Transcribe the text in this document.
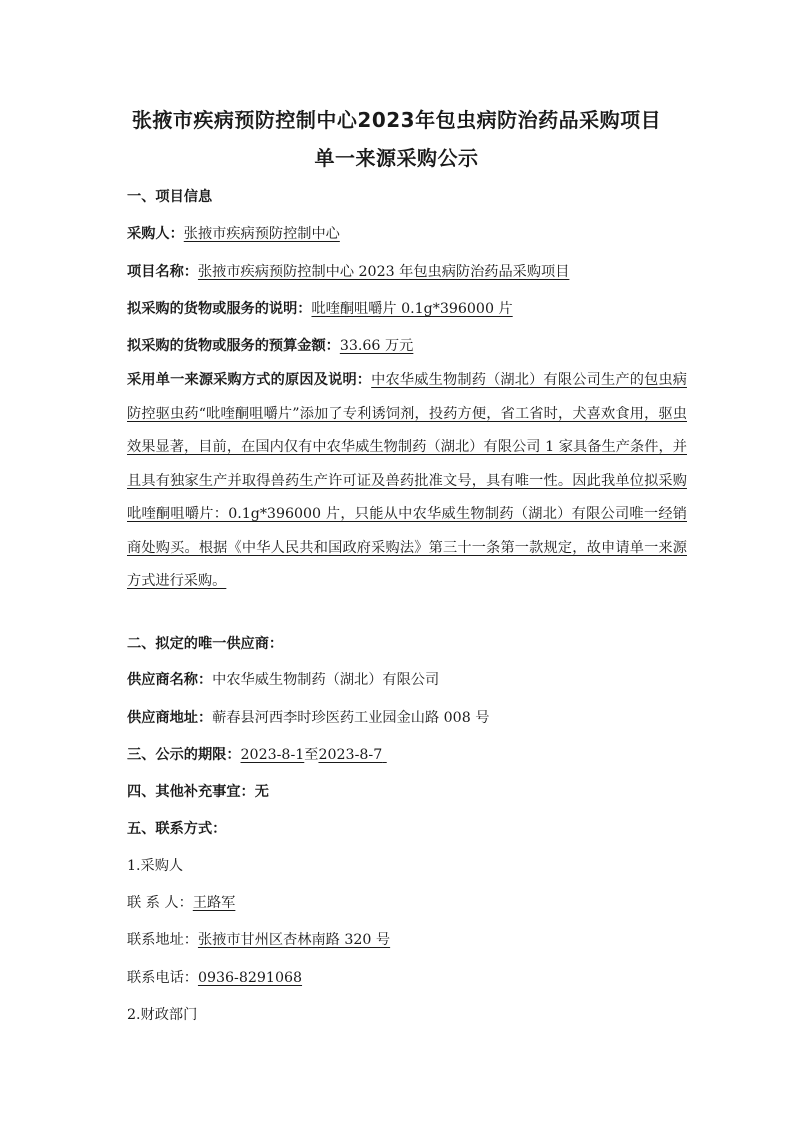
张掖市疾病预防控制中心2023年包虫病防治药品采购项目
单一来源采购公示
一、项目信息
采购人：张掖市疾病预防控制中心
项目名称：张掖市疾病预防控制中心 2023 年包虫病防治药品采购项目
拟采购的货物或服务的说明：吡喹酮咀嚼片 0.1g*396000 片
拟采购的货物或服务的预算金额：33.66 万元
采用单一来源采购方式的原因及说明：中农华威生物制药（湖北）有限公司生产的包虫病防控驱虫药“吡喹酮咀嚼片”添加了专利诱饲剂，投药方便，省工省时，犬喜欢食用，驱虫效果显著，目前，在国内仅有中农华威生物制药（湖北）有限公司 1 家具备生产条件，并且具有独家生产并取得兽药生产许可证及兽药批准文号，具有唯一性。因此我单位拟采购吡喹酮咀嚼片：0.1g*396000 片，只能从中农华威生物制药（湖北）有限公司唯一经销商处购买。根据《中华人民共和国政府采购法》第三十一条第一款规定，故申请单一来源方式进行采购。
二、拟定的唯一供应商：
供应商名称：中农华威生物制药（湖北）有限公司
供应商地址：蕲春县河西李时珍医药工业园金山路 008 号
三、公示的期限：2023-8-1至2023-8-7
四、其他补充事宜：无
五、联系方式：
1.采购人
联 系 人：王路军
联系地址：张掖市甘州区杏林南路 320 号
联系电话：0936-8291068
2.财政部门
